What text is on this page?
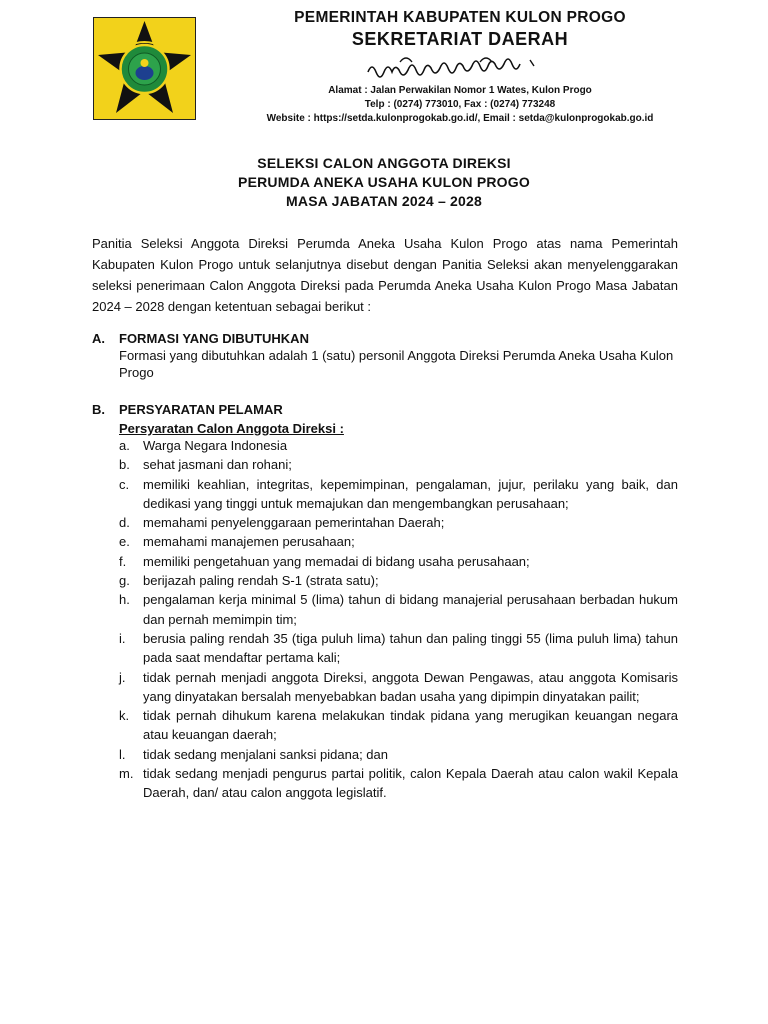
PEMERINTAH KABUPATEN KULON PROGO
SEKRETARIAT DAERAH
Alamat : Jalan Perwakilan Nomor 1 Wates, Kulon Progo
Telp : (0274) 773010, Fax : (0274) 773248
Website : https://setda.kulonprogokab.go.id/, Email : setda@kulonprogokab.go.id
SELEKSI CALON ANGGOTA DIREKSI
PERUMDA ANEKA USAHA KULON PROGO
MASA JABATAN 2024 – 2028
Panitia Seleksi Anggota Direksi Perumda Aneka Usaha Kulon Progo atas nama Pemerintah Kabupaten Kulon Progo untuk selanjutnya disebut dengan Panitia Seleksi akan menyelenggarakan seleksi penerimaan Calon Anggota Direksi pada Perumda Aneka Usaha Kulon Progo Masa Jabatan 2024 – 2028 dengan ketentuan sebagai berikut :
A. FORMASI YANG DIBUTUHKAN
Formasi yang dibutuhkan adalah 1 (satu) personil Anggota Direksi Perumda Aneka Usaha Kulon Progo
B. PERSYARATAN PELAMAR
Persyaratan Calon Anggota Direksi :
a.	Warga Negara Indonesia
b.	sehat jasmani dan rohani;
c.	memiliki keahlian, integritas, kepemimpinan, pengalaman, jujur, perilaku yang baik, dan dedikasi yang tinggi untuk memajukan dan mengembangkan perusahaan;
d.	memahami penyelenggaraan pemerintahan Daerah;
e.	memahami manajemen perusahaan;
f.	memiliki pengetahuan yang memadai di bidang usaha perusahaan;
g.	berijazah paling rendah S-1 (strata satu);
h.	pengalaman kerja minimal 5 (lima) tahun di bidang manajerial perusahaan berbadan hukum dan pernah memimpin tim;
i.	berusia paling rendah 35 (tiga puluh lima) tahun dan paling tinggi 55 (lima puluh lima) tahun pada saat mendaftar pertama kali;
j.	tidak pernah menjadi anggota Direksi, anggota Dewan Pengawas, atau anggota Komisaris yang dinyatakan bersalah menyebabkan badan usaha yang dipimpin dinyatakan pailit;
k.	tidak pernah dihukum karena melakukan tindak pidana yang merugikan keuangan negara atau keuangan daerah;
l.	tidak sedang menjalani sanksi pidana; dan
m. tidak sedang menjadi pengurus partai politik, calon Kepala Daerah atau calon wakil Kepala Daerah, dan/ atau calon anggota legislatif.
